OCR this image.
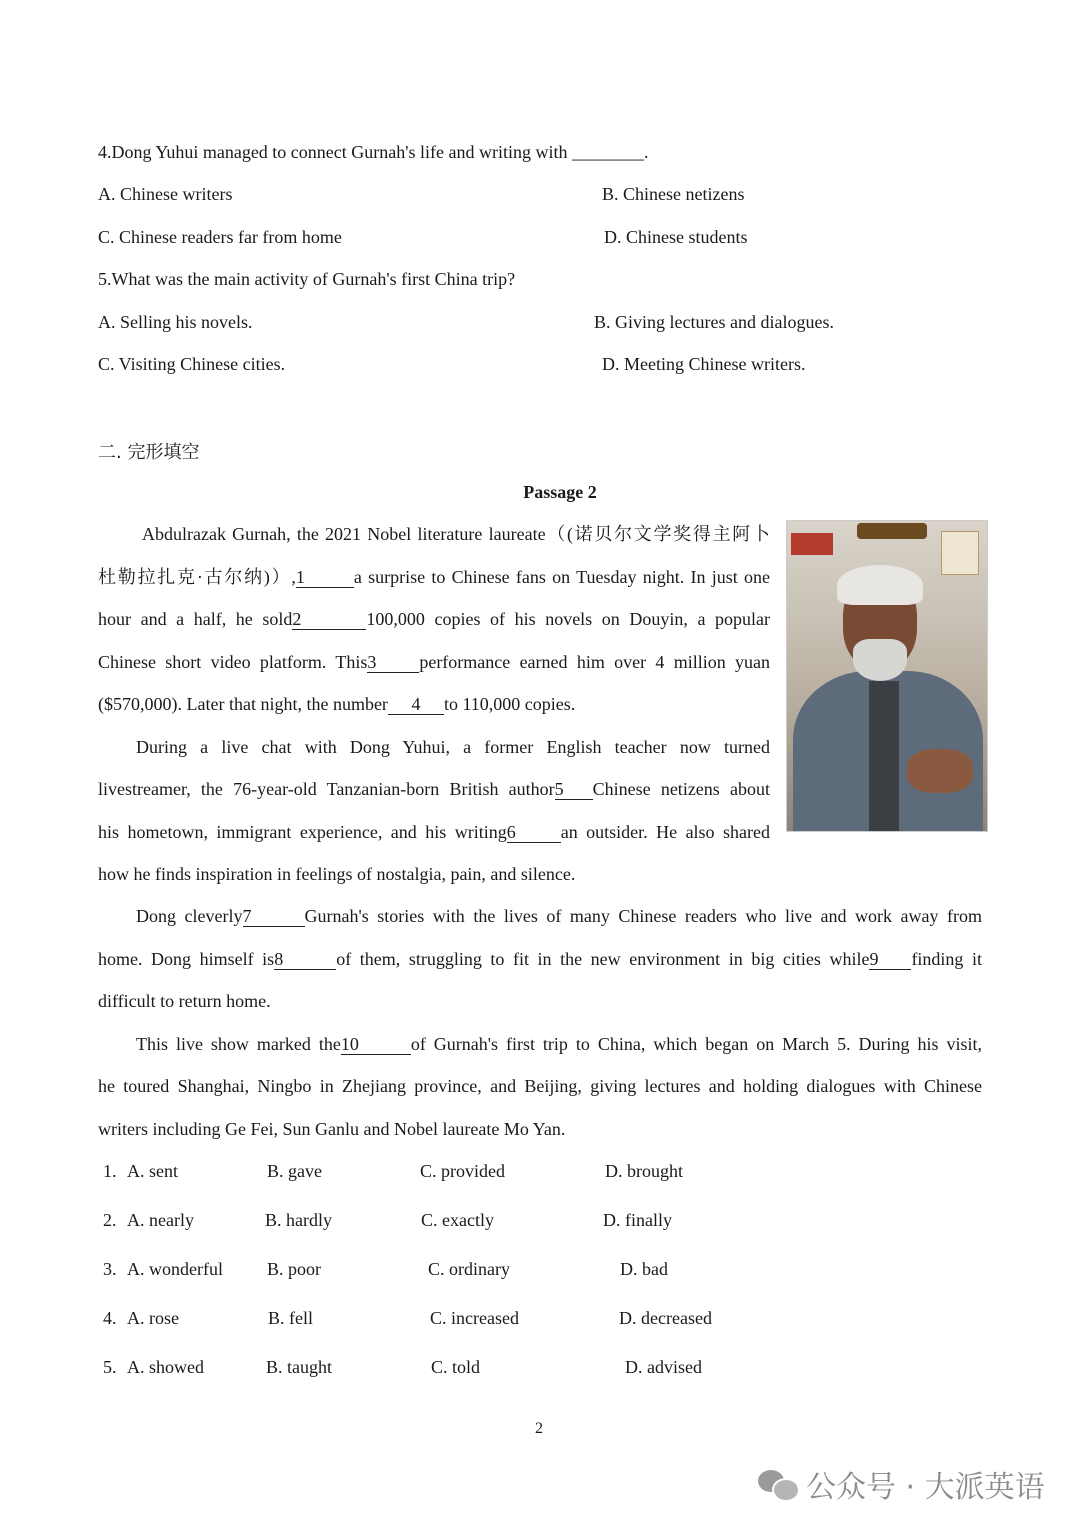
4.Dong Yuhui managed to connect Gurnah's life and writing with ________.
A. Chinese writers	B. Chinese netizens
C. Chinese readers far from home	D. Chinese students
5.What was the main activity of Gurnah's first China trip?
A. Selling his novels.	B. Giving lectures and dialogues.
C. Visiting Chinese cities.	D. Meeting Chinese writers.
二. 完形填空
Passage 2
Abdulrazak Gurnah, the 2021 Nobel literature laureate（(诺贝尔文学奖得主阿卜
杜勒拉扎克·古尔纳)）,1	a surprise to Chinese fans on Tuesday night. In just one
hour and a half, he sold2	100,000 copies of his novels on Douyin, a popular
Chinese short video platform. This3 performance earned him over 4 million yuan
($570,000). Later that night, the number 4 to 110,000 copies.
During a live chat with Dong Yuhui, a former English teacher now turned
livestreamer, the 76-year-old Tanzanian-born British author5 Chinese netizens about
his hometown, immigrant experience, and his writing6	an outsider. He also shared
how he finds inspiration in feelings of nostalgia, pain, and silence.
Dong cleverly7	Gurnah's stories with the lives of many Chinese readers who live and work away from
home. Dong himself is8	of them, struggling to fit in the new environment in big cities while9 finding it
difficult to return home.
This live show marked the10	of Gurnah's first trip to China, which began on March 5. During his visit,
he toured Shanghai, Ningbo in Zhejiang province, and Beijing, giving lectures and holding dialogues with Chinese
writers including Ge Fei, Sun Ganlu and Nobel laureate Mo Yan.
1. A. sent	B. gave	C. provided	D. brought
2. A. nearly	B. hardly	C. exactly	D. finally
3. A. wonderful B. poor	C. ordinary	D. bad
4. A. rose	B. fell	C. increased	D. decreased
5. A. showed	B. taught	C. told	D. advised
2
公众号 · 大派英语
